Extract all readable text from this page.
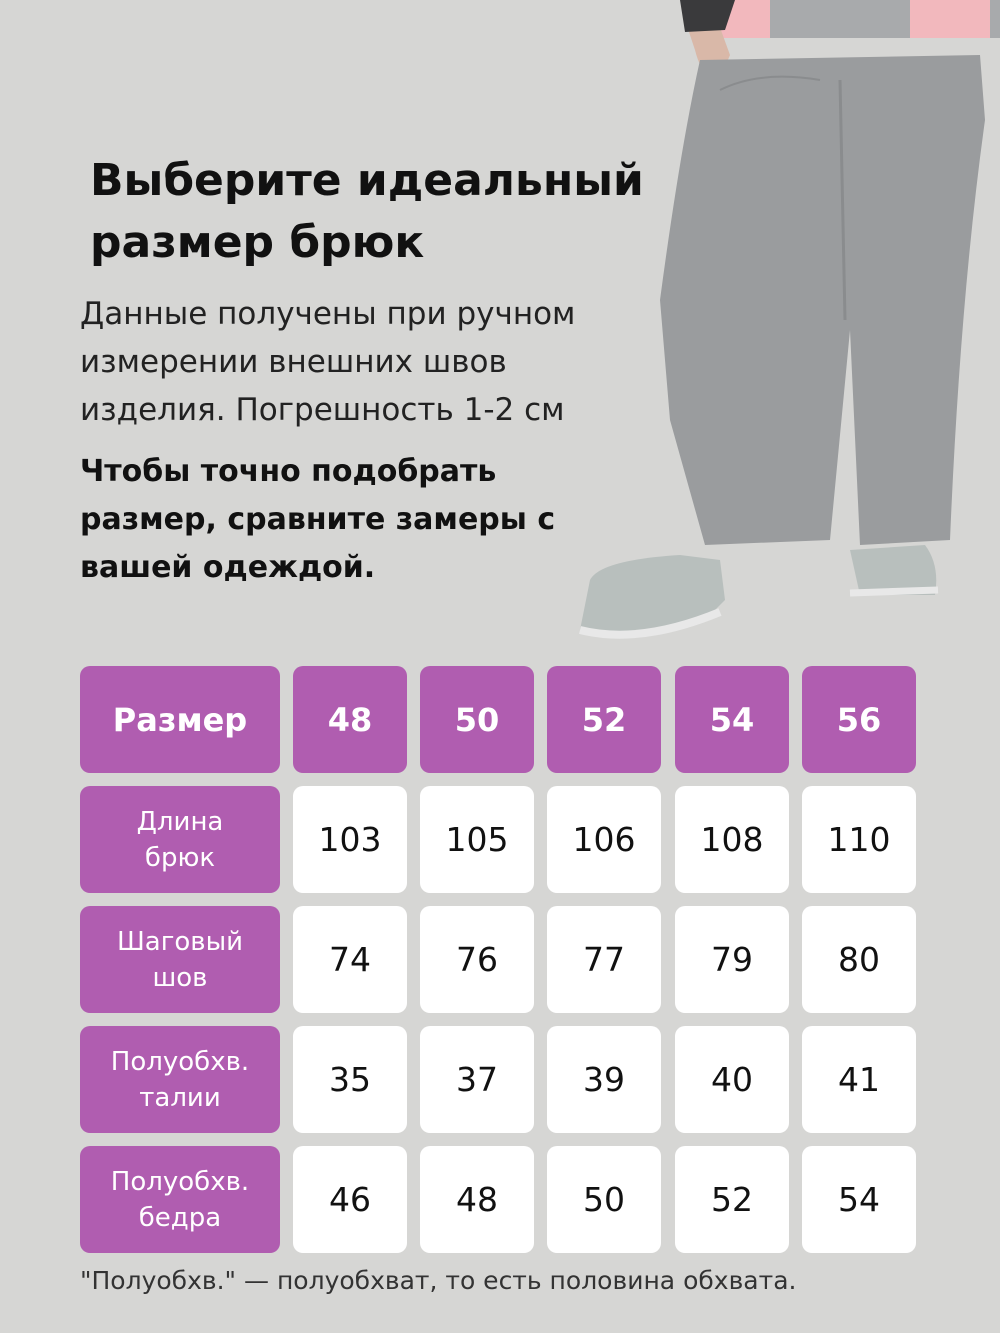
Выберите идеальный размер брюк
Данные получены при ручном измерении внешних швов изделия. Погрешность 1-2 см
Чтобы точно подобрать размер, сравните замеры с вашей одеждой.
Размер	48	50	52	54	56
Длина
брюк	103	105	106	108	110
Шаговый
шов	74	76	77	79	80
Полуобхв.
талии	35	37	39	40	41
Полуобхв.
бедра	46	48	50	52	54
"Полуобхв." — полуобхват, то есть половина обхвата.
